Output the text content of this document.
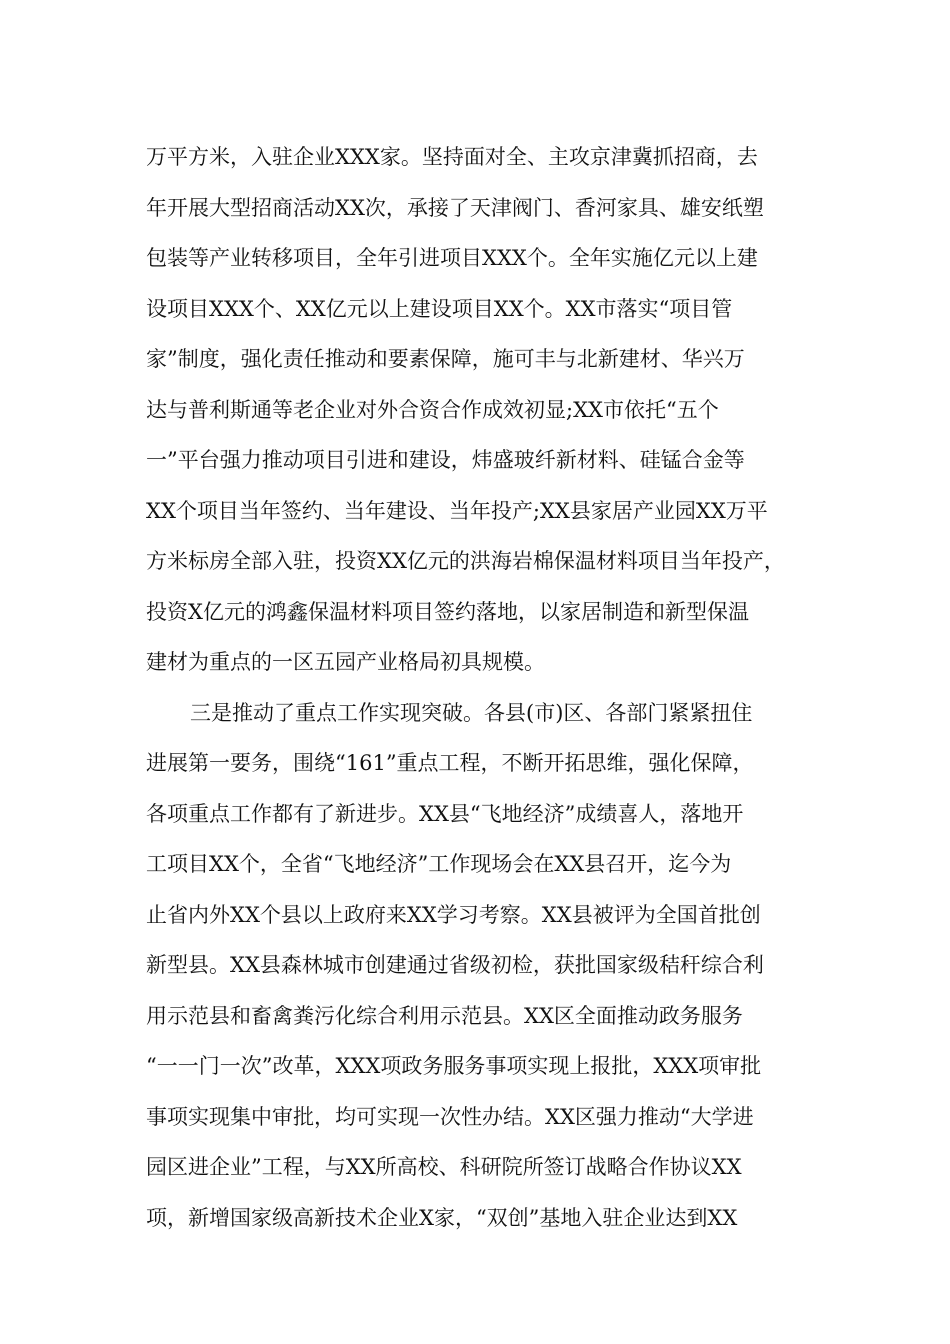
万平方米，入驻企业XXX家。坚持面对全、主攻京津冀抓招商，去
年开展大型招商活动XX次，承接了天津阀门、香河家具、雄安纸塑
包装等产业转移项目，全年引进项目XXX个。全年实施亿元以上建
设项目XXX个、XX亿元以上建设项目XX个。XX市落实“项目管
家”制度，强化责任推动和要素保障，施可丰与北新建材、华兴万
达与普利斯通等老企业对外合资合作成效初显;XX市依托“五个
一”平台强力推动项目引进和建设，炜盛玻纤新材料、硅锰合金等
XX个项目当年签约、当年建设、当年投产;XX县家居产业园XX万平
方米标房全部入驻，投资XX亿元的洪海岩棉保温材料项目当年投产，
投资X亿元的鸿鑫保温材料项目签约落地，以家居制造和新型保温
建材为重点的一区五园产业格局初具规模。
三是推动了重点工作实现突破。各县(市)区、各部门紧紧扭住
进展第一要务，围绕“161”重点工程，不断开拓思维，强化保障，
各项重点工作都有了新进步。XX县“飞地经济”成绩喜人，落地开
工项目XX个，全省“飞地经济”工作现场会在XX县召开，迄今为
止省内外XX个县以上政府来XX学习考察。XX县被评为全国首批创
新型县。XX县森林城市创建通过省级初检，获批国家级秸秆综合利
用示范县和畜禽粪污化综合利用示范县。XX区全面推动政务服务
“一一门一次”改革，XXX项政务服务事项实现上报批，XXX项审批
事项实现集中审批，均可实现一次性办结。XX区强力推动“大学进
园区进企业”工程，与XX所高校、科研院所签订战略合作协议XX
项，新增国家级高新技术企业X家，“双创”基地入驻企业达到XX
